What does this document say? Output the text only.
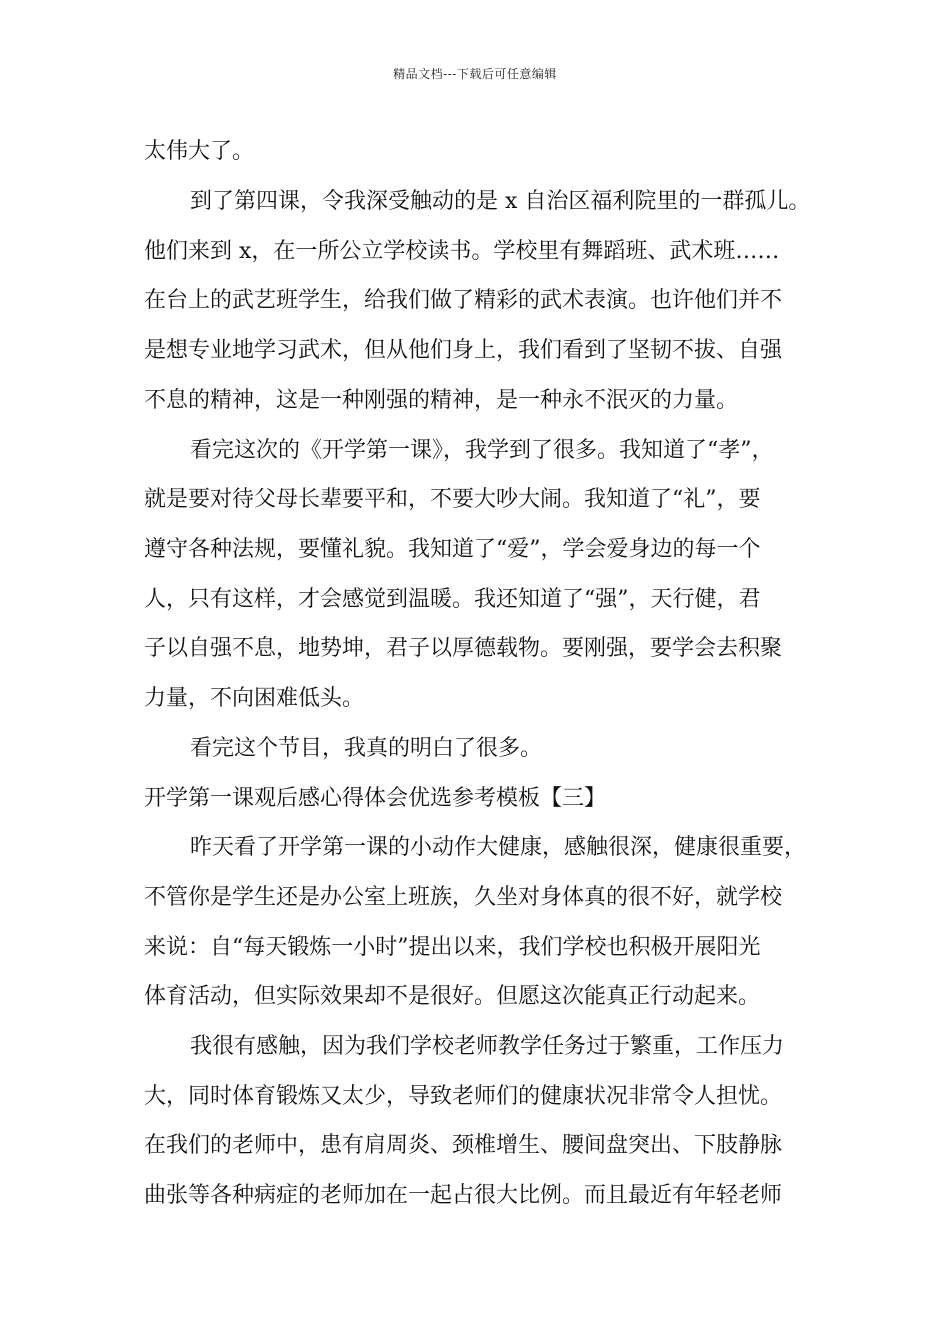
精品文档---下载后可任意编辑
太伟大了。
到了第四课，令我深受触动的是 x 自治区福利院里的一群孤儿。
他们来到 x，在一所公立学校读书。学校里有舞蹈班、武术班……
在台上的武艺班学生，给我们做了精彩的武术表演。也许他们并不
是想专业地学习武术，但从他们身上，我们看到了坚韧不拔、自强
不息的精神，这是一种刚强的精神，是一种永不泯灭的力量。
看完这次的《开学第一课》，我学到了很多。我知道了“孝”，
就是要对待父母长辈要平和，不要大吵大闹。我知道了“礼”，要
遵守各种法规，要懂礼貌。我知道了“爱”，学会爱身边的每一个
人，只有这样，才会感觉到温暖。我还知道了“强”，天行健，君
子以自强不息，地势坤，君子以厚德载物。要刚强，要学会去积聚
力量，不向困难低头。
看完这个节目，我真的明白了很多。
开学第一课观后感心得体会优选参考模板【三】
昨天看了开学第一课的小动作大健康，感触很深，健康很重要，
不管你是学生还是办公室上班族，久坐对身体真的很不好，就学校
来说：自“每天锻炼一小时”提出以来，我们学校也积极开展阳光
体育活动，但实际效果却不是很好。但愿这次能真正行动起来。
我很有感触，因为我们学校老师教学任务过于繁重，工作压力
大，同时体育锻炼又太少，导致老师们的健康状况非常令人担忧。
在我们的老师中，患有肩周炎、颈椎增生、腰间盘突出、下肢静脉
曲张等各种病症的老师加在一起占很大比例。而且最近有年轻老师
